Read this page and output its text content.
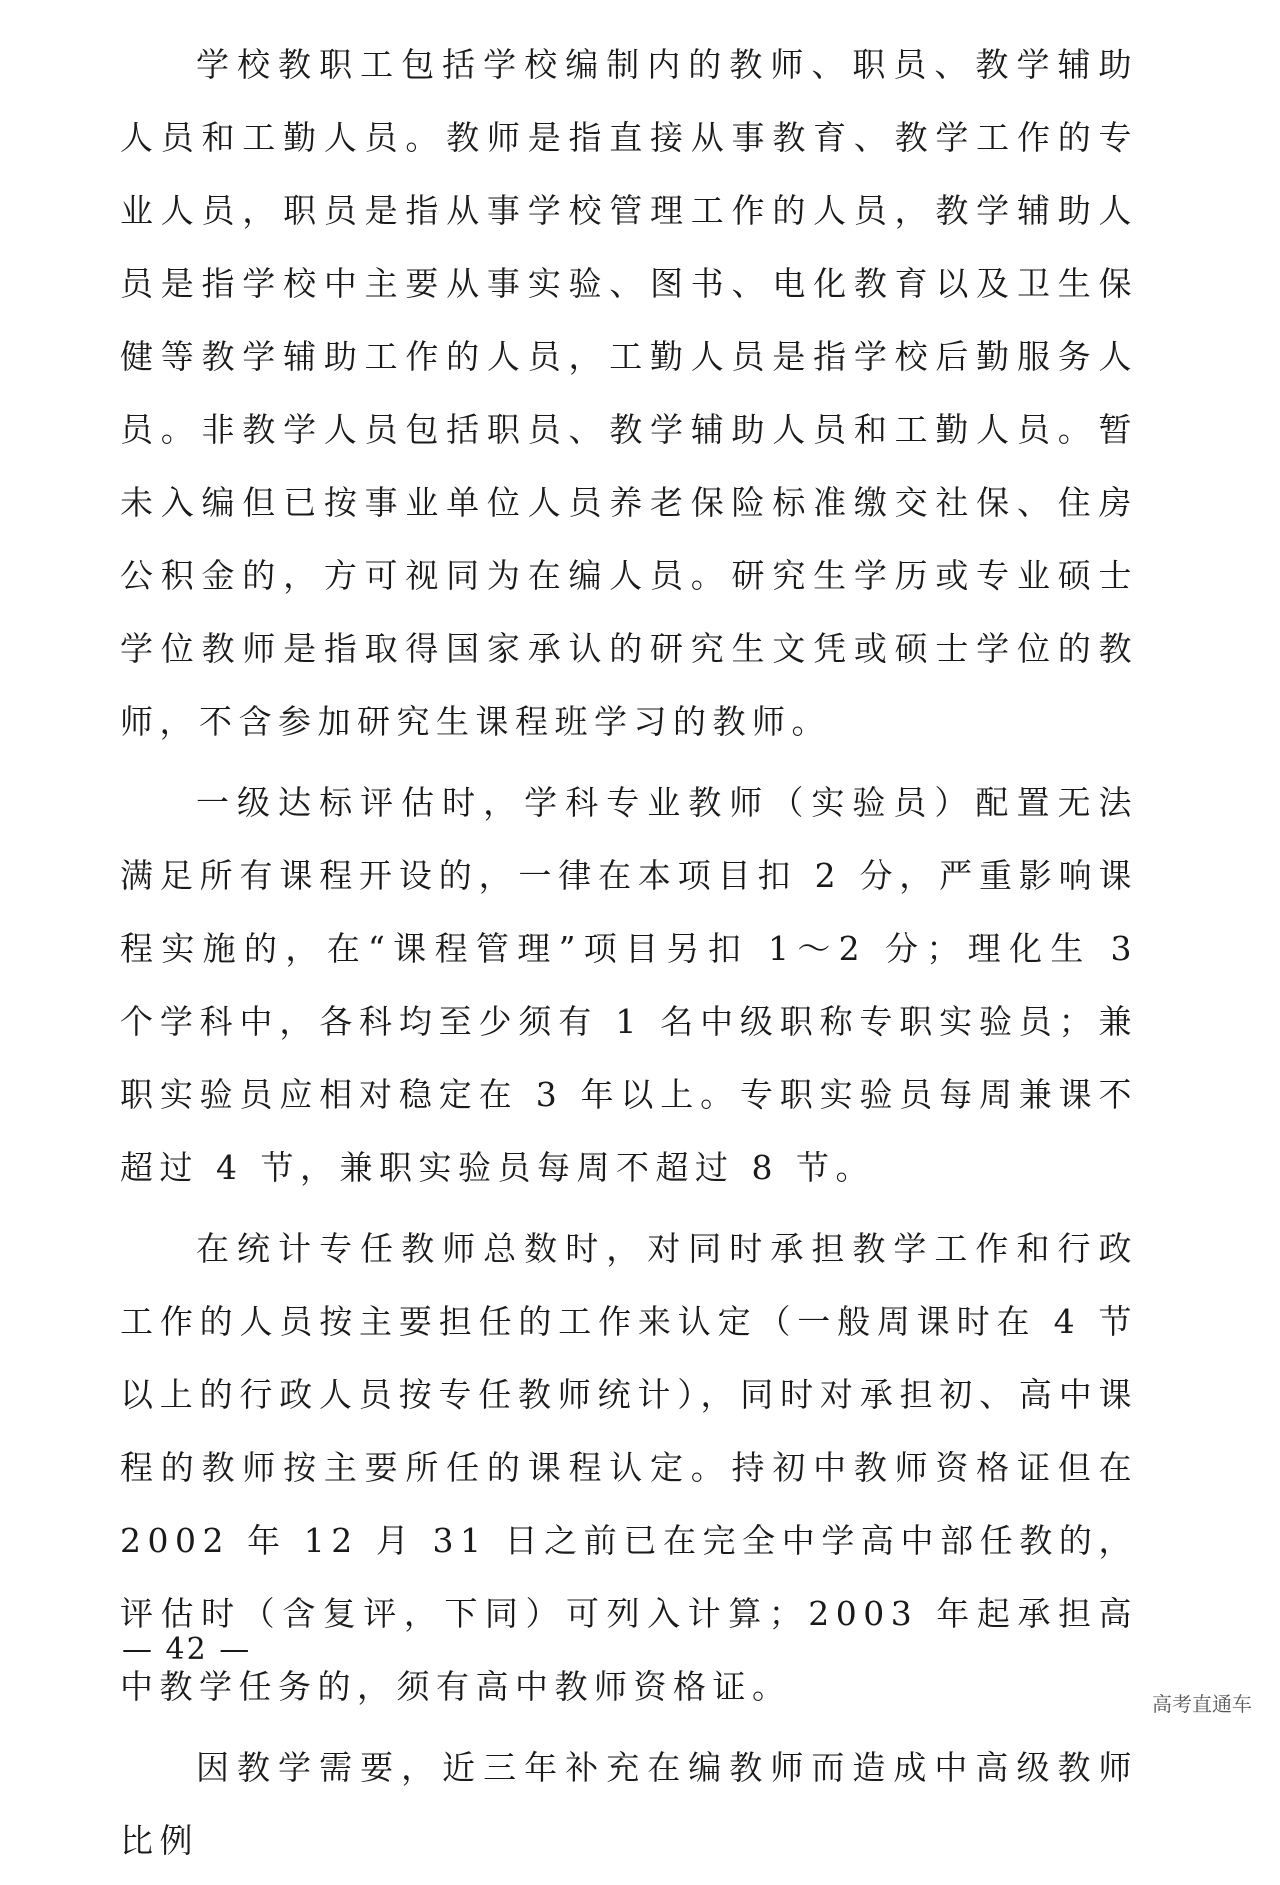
学校教职工包括学校编制内的教师、职员、教学辅助人员和工勤人员。教师是指直接从事教育、教学工作的专业人员，职员是指从事学校管理工作的人员，教学辅助人员是指学校中主要从事实验、图书、电化教育以及卫生保健等教学辅助工作的人员，工勤人员是指学校后勤服务人员。非教学人员包括职员、教学辅助人员和工勤人员。暂未入编但已按事业单位人员养老保险标准缴交社保、住房公积金的，方可视同为在编人员。研究生学历或专业硕士学位教师是指取得国家承认的研究生文凭或硕士学位的教师，不含参加研究生课程班学习的教师。

一级达标评估时，学科专业教师（实验员）配置无法满足所有课程开设的，一律在本项目扣 2 分，严重影响课程实施的，在“课程管理”项目另扣 1～2 分；理化生 3 个学科中，各科均至少须有 1 名中级职称专职实验员；兼职实验员应相对稳定在 3 年以上。专职实验员每周兼课不超过 4 节，兼职实验员每周不超过 8 节。

在统计专任教师总数时，对同时承担教学工作和行政工作的人员按主要担任的工作来认定（一般周课时在 4 节以上的行政人员按专任教师统计），同时对承担初、高中课程的教师按主要所任的课程认定。持初中教师资格证但在 2002 年 12 月 31 日之前已在完全中学高中部任教的，评估时（含复评，下同）可列入计算；2003 年起承担高中教学任务的，须有高中教师资格证。

因教学需要，近三年补充在编教师而造成中高级教师比例

— 42 —
高考直通车
